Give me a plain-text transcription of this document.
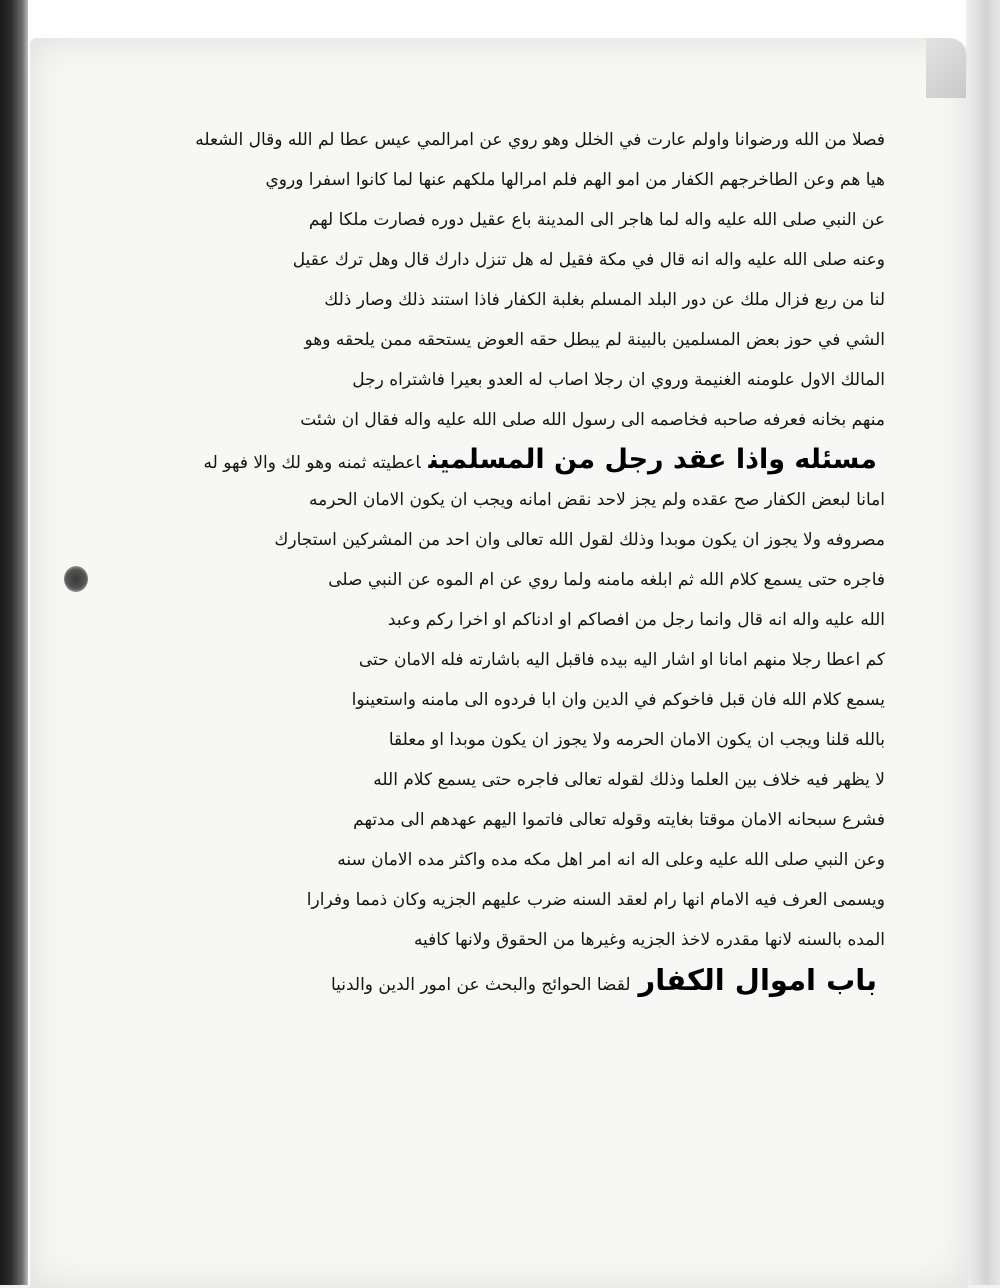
فصلا من الله ورضوانا واولم عارت في الخلل وهو روي عن امرالمي عيس عطا لم الله وقال الشعله
هيا هم وعن الطاخرجهم الكفار من امو الهم فلم امرالها ملكهم عنها لما كانوا اسفرا وروي
عن النبي صلى الله عليه واله لما هاجر الى المدينة باع عقيل دوره فصارت ملكا لهم
وعنه صلى الله عليه واله انه قال في مكة فقيل له هل تنزل دارك قال وهل ترك عقيل
لنا من ربع فزال ملك عن دور البلد المسلم بغلبة الكفار فاذا استند ذلك وصار ذلك
الشي في حوز بعض المسلمين بالبينة لم يبطل حقه العوض يستحقه ممن يلحقه وهو
المالك الاول علومنه الغنيمة وروي ان رجلا اصاب له العدو بعيرا فاشتراه رجل
منهم بخانه فعرفه صاحبه فخاصمه الى رسول الله صلى الله عليه واله فقال ان شئت
مسئله واذا عقد رجل من المسلميناعطيته ثمنه وهو لك والا فهو له
امانا لبعض الكفار صح عقده ولم يجز لاحد نقض امانه ويجب ان يكون الامان الحرمه
مصروفه ولا يجوز ان يكون موبدا وذلك لقول الله تعالى وان احد من المشركين استجارك
فاجره حتى يسمع كلام الله ثم ابلغه مامنه ولما روي عن ام الموه عن النبي صلى
الله عليه واله انه قال وانما رجل من افصاكم او ادناكم او اخرا ركم وعبد
كم اعطا رجلا منهم امانا او اشار اليه بيده فاقبل اليه باشارته فله الامان حتى
يسمع كلام الله فان قبل فاخوكم في الدين وان ابا فردوه الى مامنه واستعينوا
بالله قلنا ويجب ان يكون الامان الحرمه ولا يجوز ان يكون موبدا او معلقا
لا يظهر فيه خلاف بين العلما وذلك لقوله تعالى فاجره حتى يسمع كلام الله
فشرع سبحانه الامان موقتا بغايته وقوله تعالى فاتموا اليهم عهدهم الى مدتهم
وعن النبي صلى الله عليه وعلى اله انه امر اهل مكه مده واكثر مده الامان سنه
ويسمى العرف فيه الامام انها رام لعقد السنه ضرب عليهم الجزيه وكان ذمما وفرارا
المده بالسنه لانها مقدره لاخذ الجزيه وغيرها من الحقوق ولانها كافيه
باب اموال الكفارلقضا الحوائج والبحث عن امور الدين والدنيا
